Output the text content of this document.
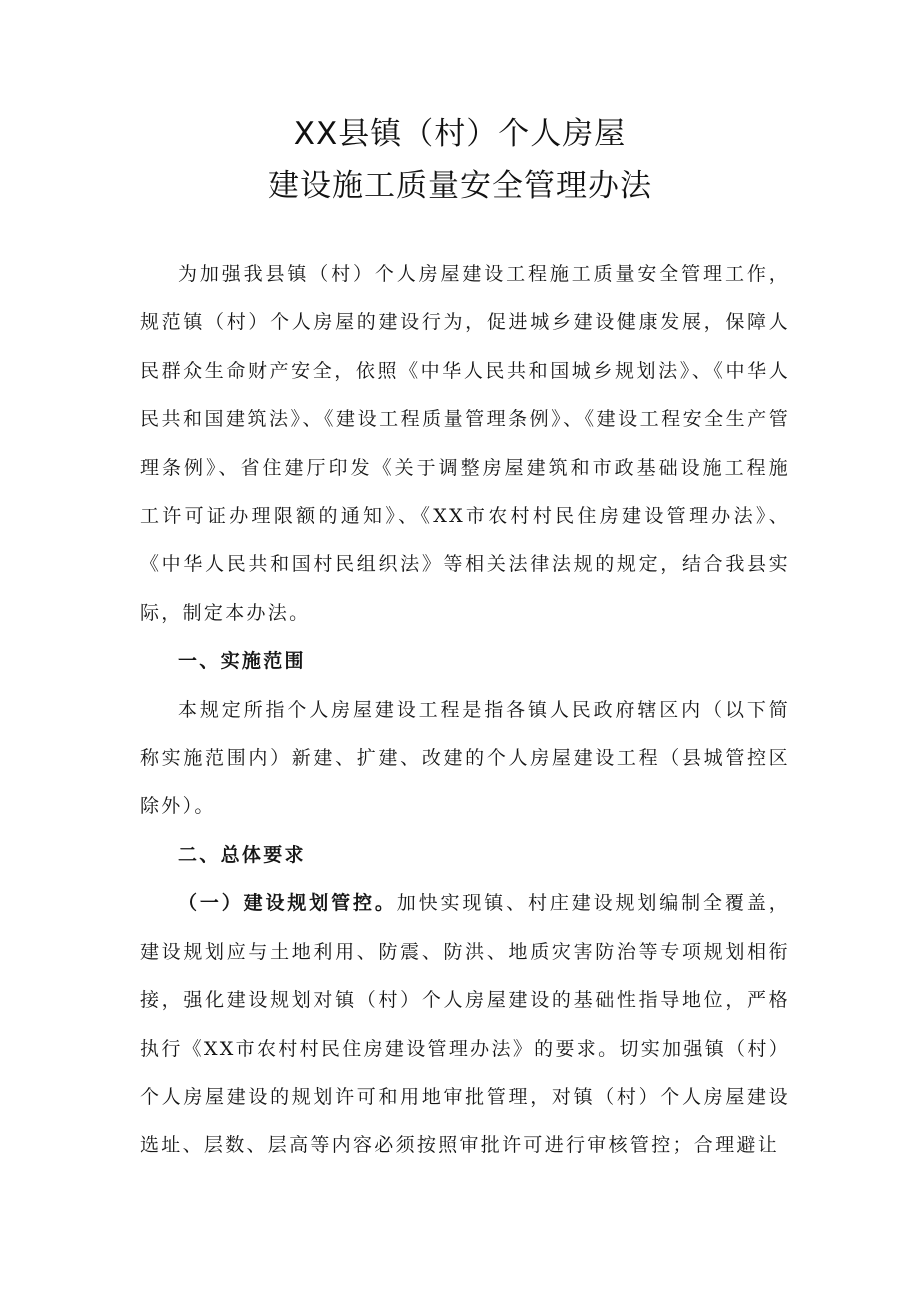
XX县镇（村）个人房屋
建设施工质量安全管理办法

为加强我县镇（村）个人房屋建设工程施工质量安全管理工作，规范镇（村）个人房屋的建设行为，促进城乡建设健康发展，保障人民群众生命财产安全，依照《中华人民共和国城乡规划法》、《中华人民共和国建筑法》、《建设工程质量管理条例》、《建设工程安全生产管理条例》、省住建厅印发《关于调整房屋建筑和市政基础设施工程施工许可证办理限额的通知》、《XX市农村村民住房建设管理办法》、《中华人民共和国村民组织法》等相关法律法规的规定，结合我县实际，制定本办法。

一、实施范围

本规定所指个人房屋建设工程是指各镇人民政府辖区内（以下简称实施范围内）新建、扩建、改建的个人房屋建设工程（县城管控区除外）。

二、总体要求

（一）建设规划管控。加快实现镇、村庄建设规划编制全覆盖，建设规划应与土地利用、防震、防洪、地质灾害防治等专项规划相衔接，强化建设规划对镇（村）个人房屋建设的基础性指导地位，严格执行《XX市农村村民住房建设管理办法》的要求。切实加强镇（村）个人房屋建设的规划许可和用地审批管理，对镇（村）个人房屋建设选址、层数、层高等内容必须按照审批许可进行审核管控；合理避让
